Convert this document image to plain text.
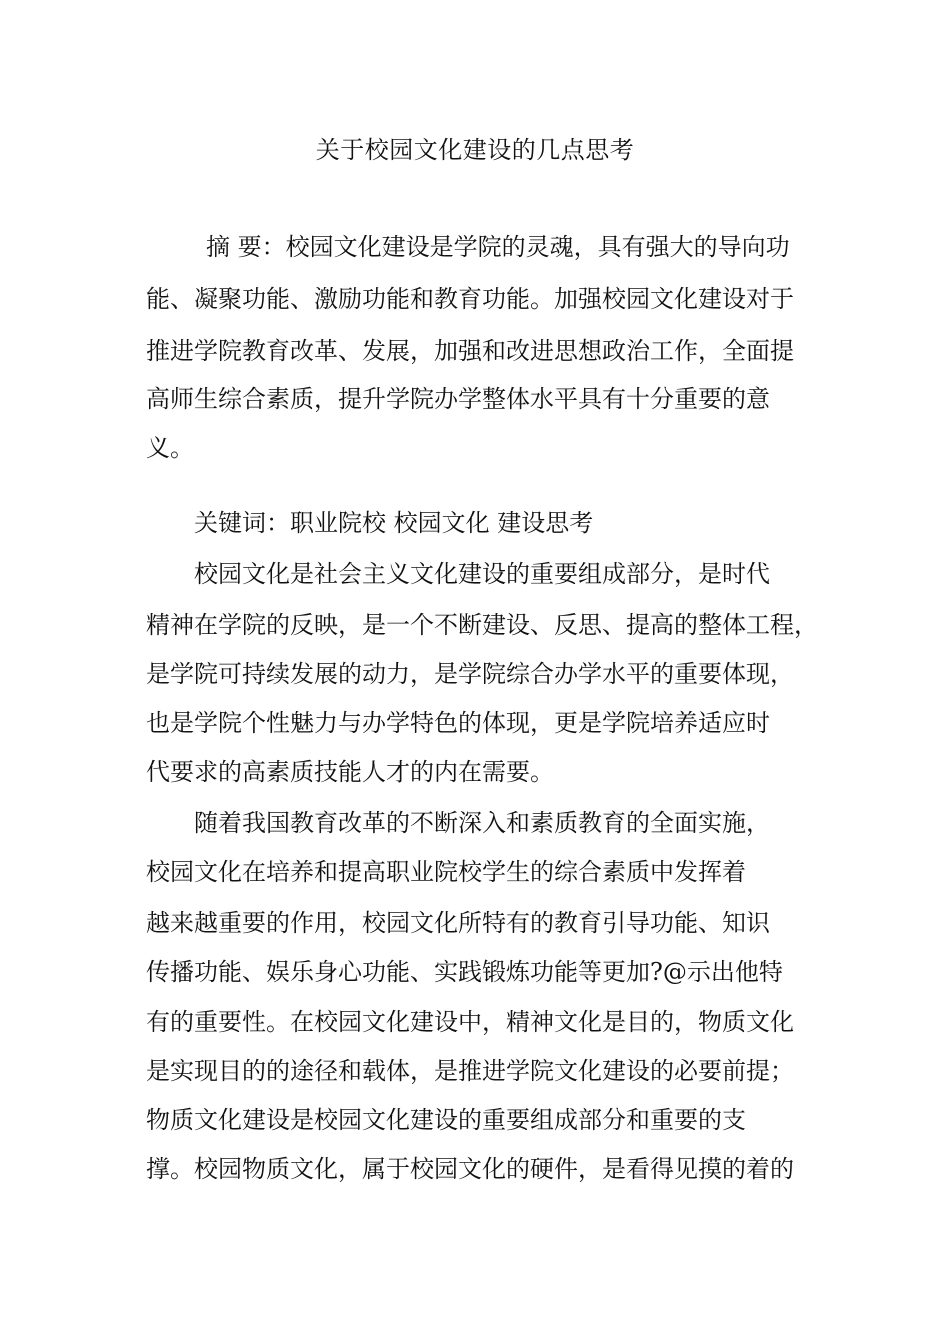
关于校园文化建设的几点思考
摘 要：校园文化建设是学院的灵魂，具有强大的导向功
能、凝聚功能、激励功能和教育功能。加强校园文化建设对于
推进学院教育改革、发展，加强和改进思想政治工作，全面提
高师生综合素质，提升学院办学整体水平具有十分重要的意
义。
关键词：职业院校 校园文化 建设思考
校园文化是社会主义文化建设的重要组成部分，是时代
精神在学院的反映，是一个不断建设、反思、提高的整体工程，
是学院可持续发展的动力，是学院综合办学水平的重要体现，
也是学院个性魅力与办学特色的体现，更是学院培养适应时
代要求的高素质技能人才的内在需要。
随着我国教育改革的不断深入和素质教育的全面实施，
校园文化在培养和提高职业院校学生的综合素质中发挥着
越来越重要的作用，校园文化所特有的教育引导功能、知识
传播功能、娱乐身心功能、实践锻炼功能等更加?@示出他特
有的重要性。在校园文化建设中，精神文化是目的，物质文化
是实现目的的途径和载体，是推进学院文化建设的必要前提；
物质文化建设是校园文化建设的重要组成部分和重要的支
撑。校园物质文化，属于校园文化的硬件，是看得见摸的着的
